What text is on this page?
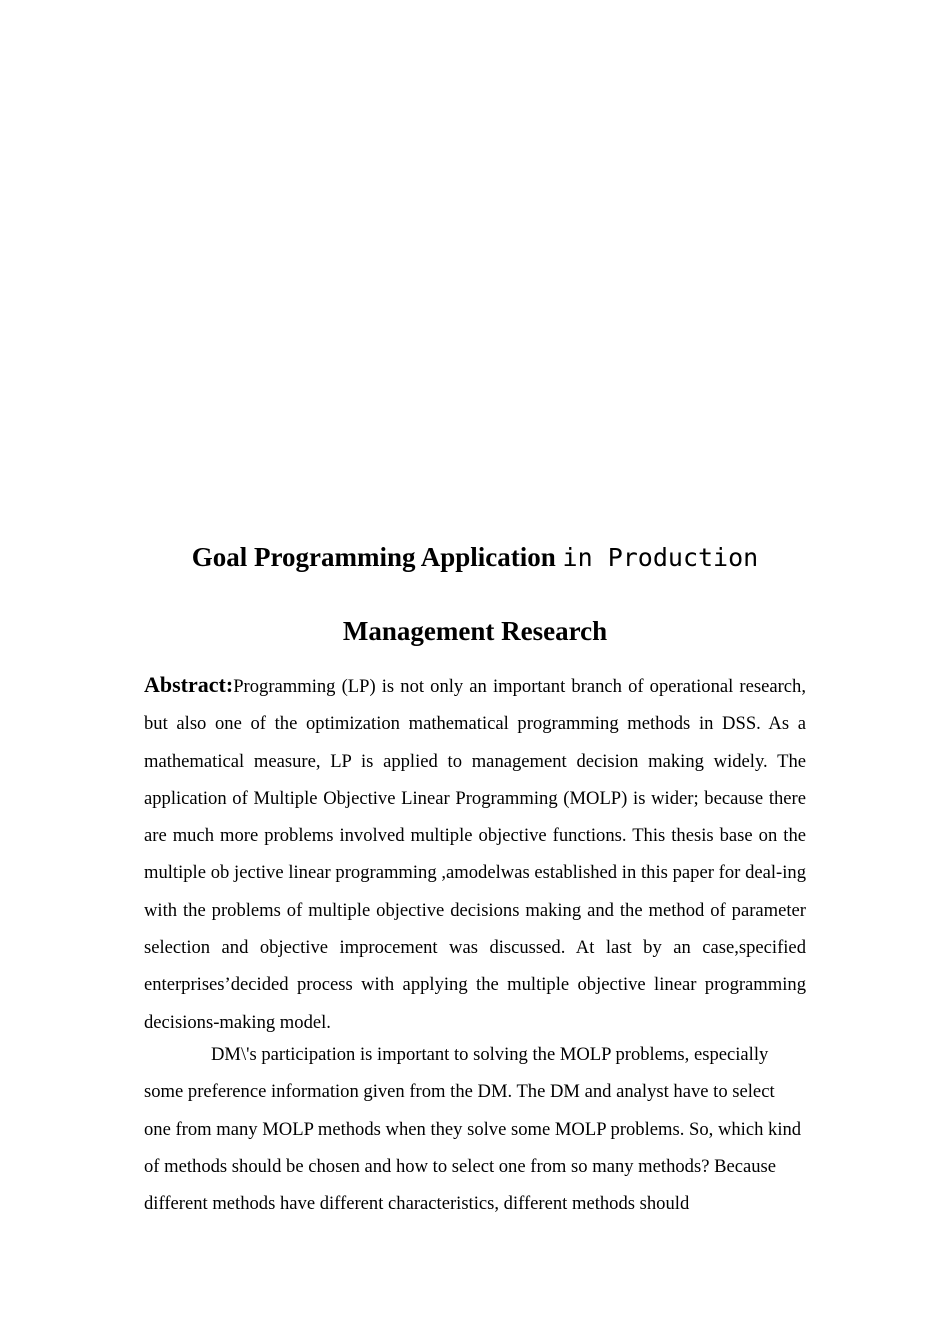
Goal Programming Application in Production
Management Research

Abstract:Programming (LP) is not only an important branch of operational research, but also one of the optimization mathematical programming methods in DSS. As a mathematical measure, LP is applied to management decision making widely. The application of Multiple Objective Linear Programming (MOLP) is wider; because there are much more problems involved multiple objective functions. This thesis base on the multiple ob jective linear programming ,amodelwas established in this paper for deal-ing with the problems of multiple objective decisions making and the method of parameter selection and objective improcement was discussed. At last by an case,specified enterprises’decided process with applying the multiple objective linear programming decisions-making model.

DM\'s participation is important to solving the MOLP problems, especially some preference information given from the DM. The DM and analyst have to select one from many MOLP methods when they solve some MOLP problems. So, which kind of methods should be chosen and how to select one from so many methods? Because different methods have different characteristics, different methods should
